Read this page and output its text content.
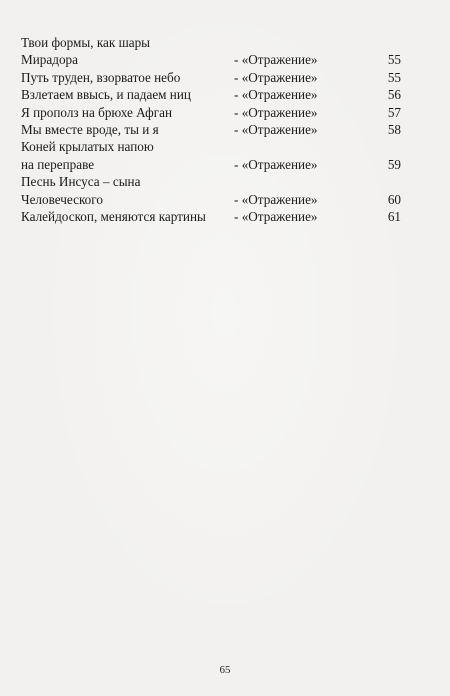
Твои формы, как шары
Мирадора	- «Отражение»	55
Путь труден, взорватое небо	- «Отражение»	55
Взлетаем ввысь, и падаем ниц	- «Отражение»	56
Я прополз на брюхе Афган	- «Отражение»	57
Мы вместе вроде, ты и я	- «Отражение»	58
Коней крылатых напою
на переправе	- «Отражение»	59
Песнь Инсуса – сына
Человеческого	- «Отражение»	60
Калейдоскоп, меняются картины - «Отражение»	61
65
